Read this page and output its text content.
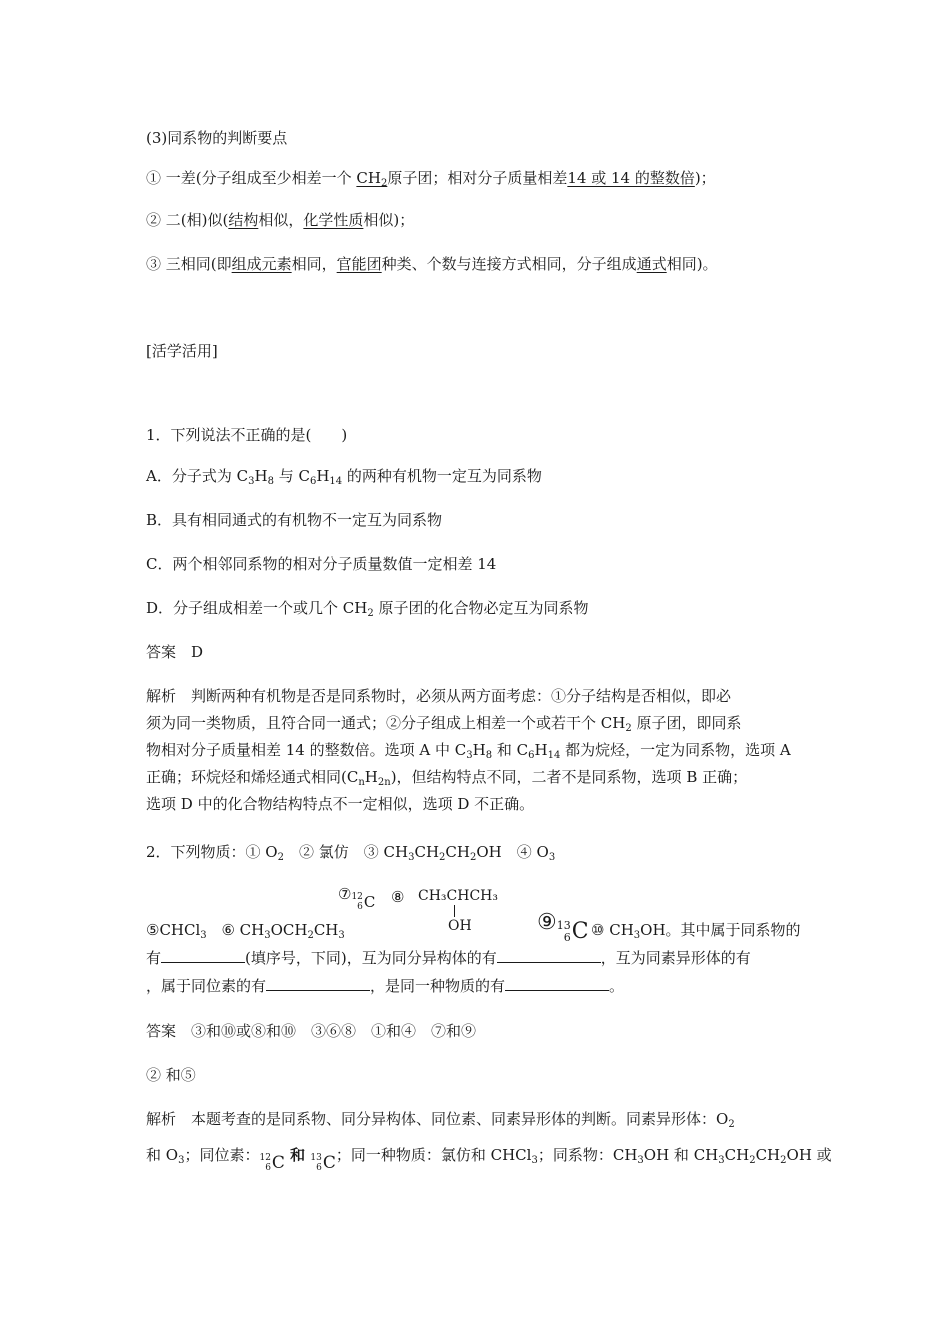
(3)同系物的判断要点
① 一差(分子组成至少相差一个 $CH_2$原子团；相对分子质量相差14 或 14 的整数倍)；
② 二(相)似(结构相似，化学性质相似)；
③ 三相同(即组成元素相同，官能团种类、个数与连接方式相同，分子组成通式相同)。
[活学活用]
1．下列说法不正确的是(　　)
A．分子式为 $C_3H_8$ 与 $C_6H_{14}$ 的两种有机物一定互为同系物
B．具有相同通式的有机物不一定互为同系物
C．两个相邻同系物的相对分子质量数值一定相差 14
D．分子组成相差一个或几个 $CH_2$ 原子团的化合物必定互为同系物
答案　D
解析　判断两种有机物是否是同系物时，必须从两方面考虑：①分子结构是否相似，即必
须为同一类物质，且符合同一通式；②分子组成上相差一个或若干个 $CH_2$ 原子团，即同系
物相对分子质量相差 14 的整数倍。选项 A 中 $C_3H_8$ 和 $C_6H_{14}$ 都为烷烃，一定为同系物，选项 A
正确；环烷烃和烯烃通式相同$(C_nH_{2n})$，但结构特点不同，二者不是同系物，选项 B 正确；
选项 D 中的化合物结构特点不一定相似，选项 D 不正确。
2．下列物质：① $O_2$　② 氯仿　③ $CH_3CH_2CH_2OH$　④ $O_3$
⑦ 12
6 C ⑧ CH₃CHCH₃
OH
⑤CHCl$_3$ ⑥ $CH_3OCH_2CH_3$
⑨ 13
6 C ⑩ $CH_3OH$。其中属于同系物的
有	(填序号，下同)，互为同分异构体的有	，互为同素异形体的有
，属于同位素的有	，是同一种物质的有	。
答案　③和⑩或⑧和⑩　③⑥⑧　①和④　⑦和⑨
② 和⑤
解析　本题考查的是同系物、同分异构体、同位素、同素异形体的判断。同素异形体：$O_2$
和 $O_3$；同位素： 12
6 C 和 13
6 C ；同一种物质：氯仿和 CHCl$_3$；同系物：$CH_3OH$ 和 $CH_3CH_2CH_2OH$ 或
